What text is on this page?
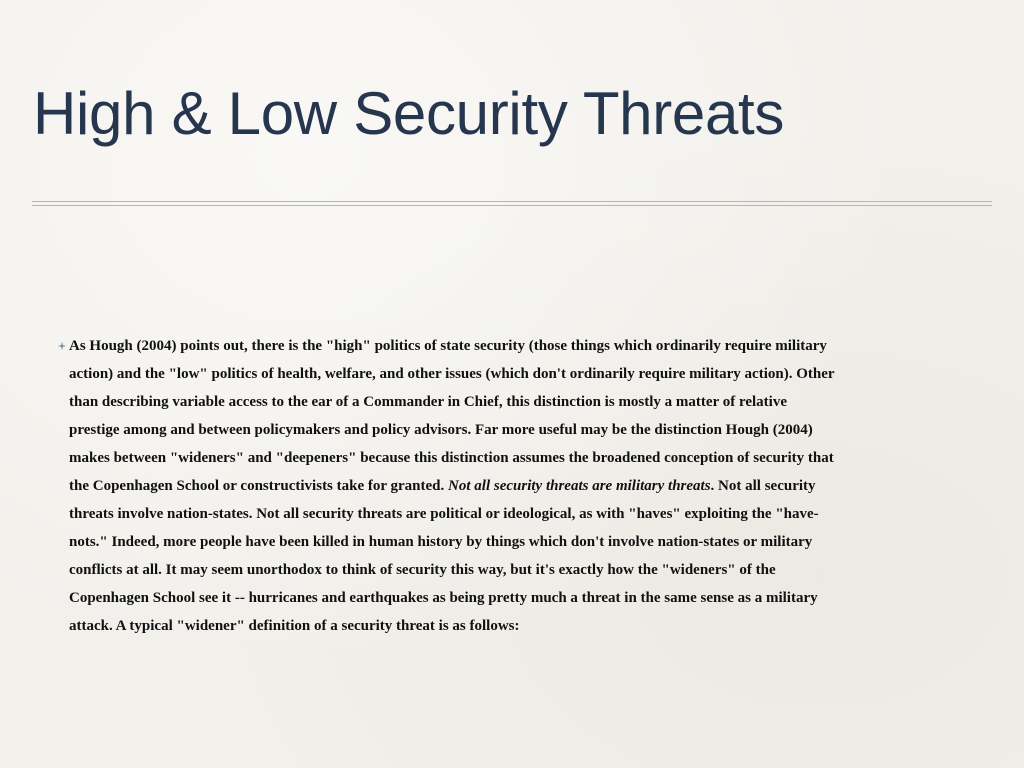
High & Low Security Threats

As Hough (2004) points out, there is the "high" politics of state security (those things which ordinarily require military
action) and the "low" politics of health, welfare, and other issues (which don't ordinarily require military action). Other
than describing variable access to the ear of a Commander in Chief, this distinction is mostly a matter of relative
prestige among and between policymakers and policy advisors. Far more useful may be the distinction Hough (2004)
makes between "wideners" and "deepeners" because this distinction assumes the broadened conception of security that
the Copenhagen School or constructivists take for granted. Not all security threats are military threats. Not all security
threats involve nation-states. Not all security threats are political or ideological, as with "haves" exploiting the "have-
nots." Indeed, more people have been killed in human history by things which don't involve nation-states or military
conflicts at all. It may seem unorthodox to think of security this way, but it's exactly how the "wideners" of the
Copenhagen School see it -- hurricanes and earthquakes as being pretty much a threat in the same sense as a military
attack. A typical "widener" definition of a security threat is as follows:
